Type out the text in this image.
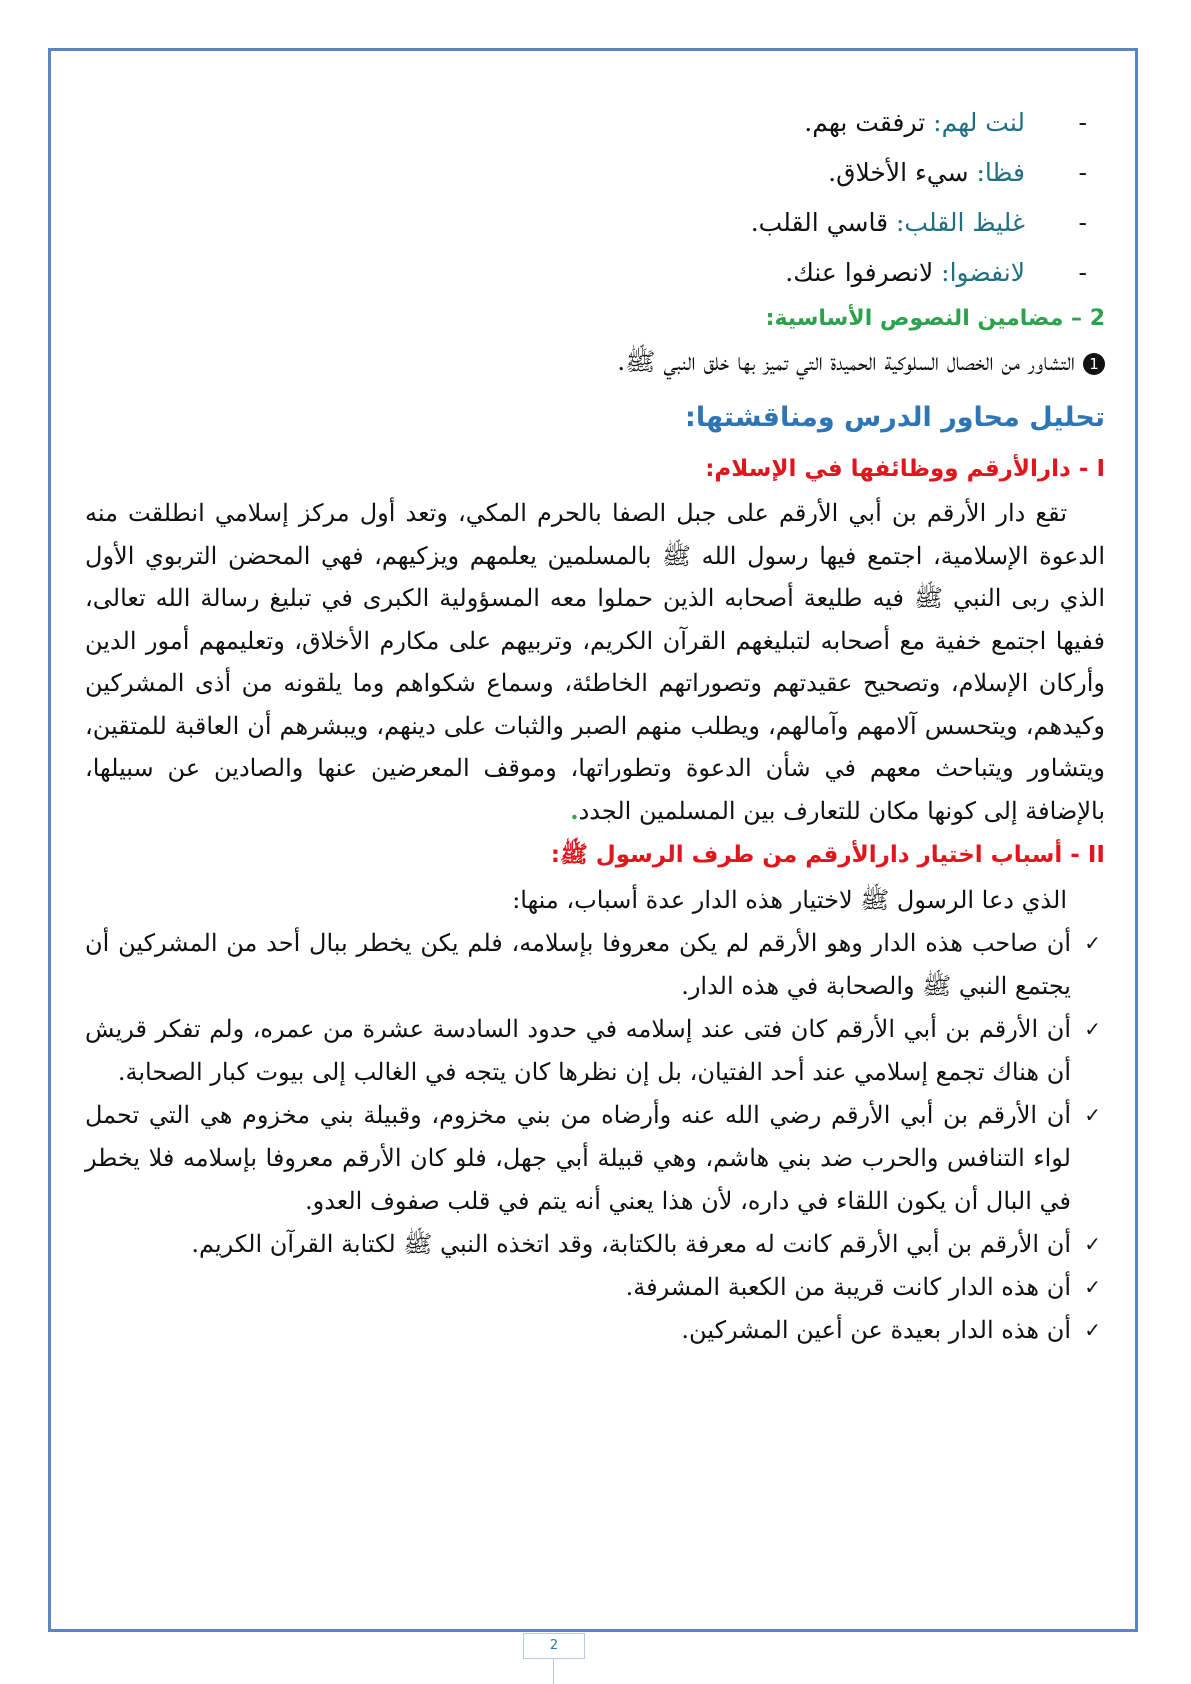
-لنت لهم: ترفقت بهم.
-فظا: سيء الأخلاق.
-غليظ القلب: قاسي القلب.
-لانفضوا: لانصرفوا عنك.
2 – مضامين النصوص الأساسية:
1التشاور من الخصال السلوكية الحميدة التي تميز بها خلق النبي ﷺ.
تحليل محاور الدرس ومناقشتها:
I - دارالأرقم ووظائفها في الإسلام:

تقع دار الأرقم بن أبي الأرقم على جبل الصفا بالحرم المكي، وتعد أول مركز إسلامي انطلقت منه الدعوة الإسلامية، اجتمع فيها رسول الله ﷺ بالمسلمين يعلمهم ويزكيهم، فهي المحضن التربوي الأول الذي ربى النبي ﷺ فيه طليعة أصحابه الذين حملوا معه المسؤولية الكبرى في تبليغ رسالة الله تعالى، ففيها اجتمع خفية مع أصحابه لتبليغهم القرآن الكريم، وتربيهم على مكارم الأخلاق، وتعليمهم أمور الدين وأركان الإسلام، وتصحيح عقيدتهم وتصوراتهم الخاطئة، وسماع شكواهم وما يلقونه من أذى المشركين وكيدهم، ويتحسس آلامهم وآمالهم، ويطلب منهم الصبر والثبات على دينهم، ويبشرهم أن العاقبة للمتقين، ويتشاور ويتباحث معهم في شأن الدعوة وتطوراتها، وموقف المعرضين عنها والصادين عن سبيلها، بالإضافة إلى كونها مكان للتعارف بين المسلمين الجدد.

II - أسباب اختيار دارالأرقم من طرف الرسول ﷺ:
الذي دعا الرسول ﷺ لاختيار هذه الدار عدة أسباب، منها:
✓
أن صاحب هذه الدار وهو الأرقم لم يكن معروفا بإسلامه، فلم يكن يخطر ببال أحد من المشركين أن يجتمع النبي ﷺ والصحابة في هذه الدار.
✓
أن الأرقم بن أبي الأرقم كان فتى عند إسلامه في حدود السادسة عشرة من عمره، ولم تفكر قريش أن هناك تجمع إسلامي عند أحد الفتيان، بل إن نظرها كان يتجه في الغالب إلى بيوت كبار الصحابة.
✓
أن الأرقم بن أبي الأرقم رضي الله عنه وأرضاه من بني مخزوم، وقبيلة بني مخزوم هي التي تحمل لواء التنافس والحرب ضد بني هاشم، وهي قبيلة أبي جهل، فلو كان الأرقم معروفا بإسلامه فلا يخطر في البال أن يكون اللقاء في داره، لأن هذا يعني أنه يتم في قلب صفوف العدو.
✓
أن الأرقم بن أبي الأرقم كانت له معرفة بالكتابة، وقد اتخذه النبي ﷺ لكتابة القرآن الكريم.
✓
أن هذه الدار كانت قريبة من الكعبة المشرفة.
✓
أن هذه الدار بعيدة عن أعين المشركين.
2
